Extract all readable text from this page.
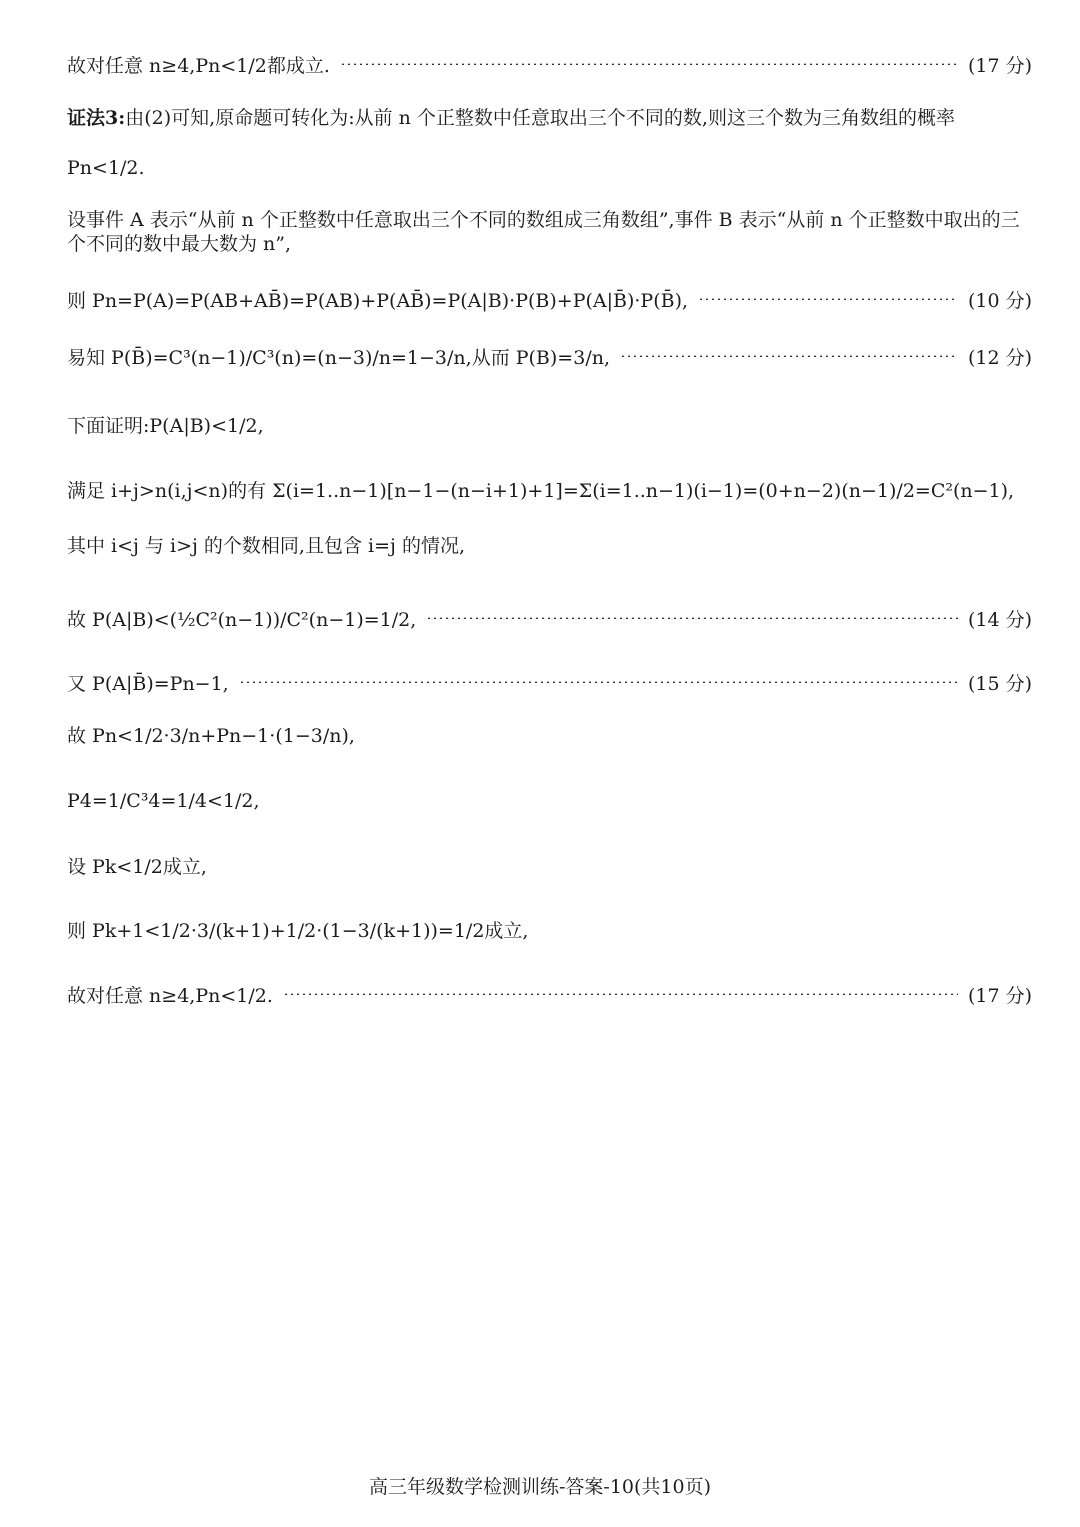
故对任意 n≥4,Pn<1/2都成立.	(17 分)
证法3: 由(2)可知,原命题可转化为:从前 n 个正整数中任意取出三个不同的数,则这三个数为三角数组的概率
Pn<1/2.
设事件 A 表示“从前 n 个正整数中任意取出三个不同的数组成三角数组”,事件 B 表示“从前 n 个正整数中取出的三个不同的数中最大数为 n”,
则 Pn=P(A)=P(AB+AB̄)=P(AB)+P(AB̄)=P(A|B)·P(B)+P(A|B̄)·P(B̄),	(10 分)
易知 P(B̄)=C³(n−1)/C³(n)=(n−3)/n=1−3/n,从而 P(B)=3/n,	(12 分)
下面证明:P(A|B)<1/2,
满足 i+j>n(i,j<n)的有 Σ(i=1..n−1)[n−1−(n−i+1)+1]=Σ(i=1..n−1)(i−1)=(0+n−2)(n−1)/2=C²(n−1),
其中 i<j 与 i>j 的个数相同,且包含 i=j 的情况,
故 P(A|B)<(½C²(n−1))/C²(n−1)=1/2,	(14 分)
又 P(A|B̄)=Pn−1,	(15 分)
故 Pn<1/2·3/n+Pn−1·(1−3/n),
P4=1/C³4=1/4<1/2,
设 Pk<1/2成立,
则 Pk+1<1/2·3/(k+1)+1/2·(1−3/(k+1))=1/2成立,
故对任意 n≥4,Pn<1/2.	(17 分)
高三年级数学检测训练-答案-10(共10页)
